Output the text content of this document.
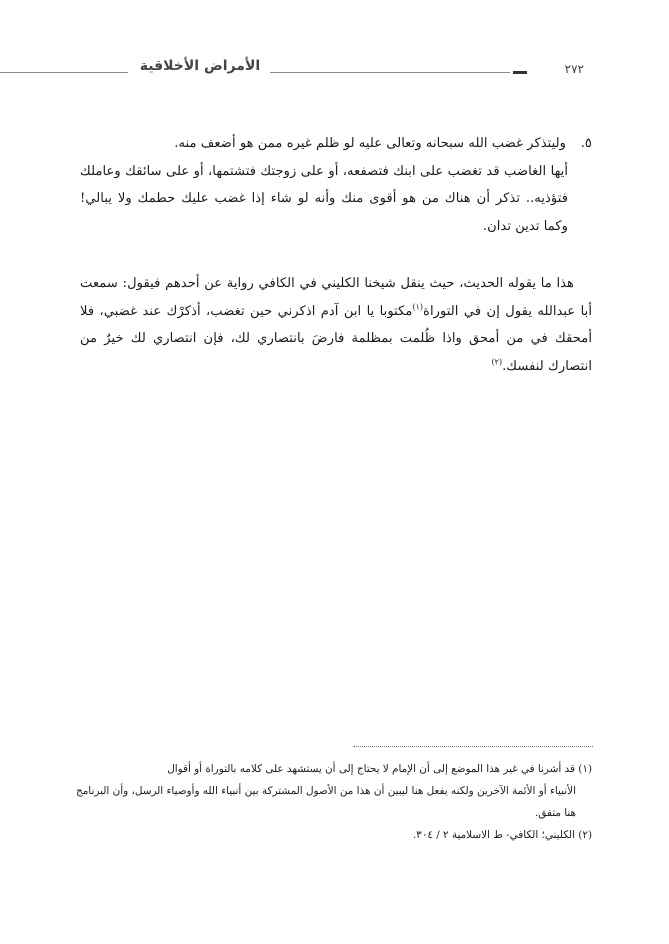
الأمراض الأخلاقية	٢٧٢
٥.وليتذكر غضب الله سبحانه وتعالى عليه لو ظلم غيره ممن هو أضعف منه.
أيها الغاضب قد تغضب على ابنك فتصفعه، أو على زوجتك فتشتمها، أو على سائقك وعاملك فتؤذيه.. تذكر أن هناك من هو أقوى منك وأنه لو شاء إذا غضب عليك حطمك ولا يبالي! وكما تدين تدان.
هذا ما يقوله الحديث، حيث ينقل شيخنا الكليني في الكافي رواية عن أحدهم فيقول: سمعت أبا عبدالله يقول إن في التوراة$^{(١)}$مكتوبا يا ابن آدم اذكرني حين تغضب، أذكرْك عند غضبي، فلا أمحقك في من أمحق واذا ظُلمت بمظلمة فارضَ بانتصاري لك، فإن انتصاري لك خيرٌ من انتصارك لنفسك.$^{(٢)}$

(١) قد أشرنا في غير هذا الموضع إلى أن الإمام لا يحتاج إلى أن يستشهد على كلامه بالتوراة أو أقوال
الأنبياء أو الأئمة الآخرين ولكنه يفعل هنا ليبين أن هذا من الأصول المشتركة بين أنبياء الله وأوصياء الرسل، وأن البرنامج هنا متفق.

(٢) الكليني؛ الكافي- ط الاسلامية ٢ / ٣٠٤.
